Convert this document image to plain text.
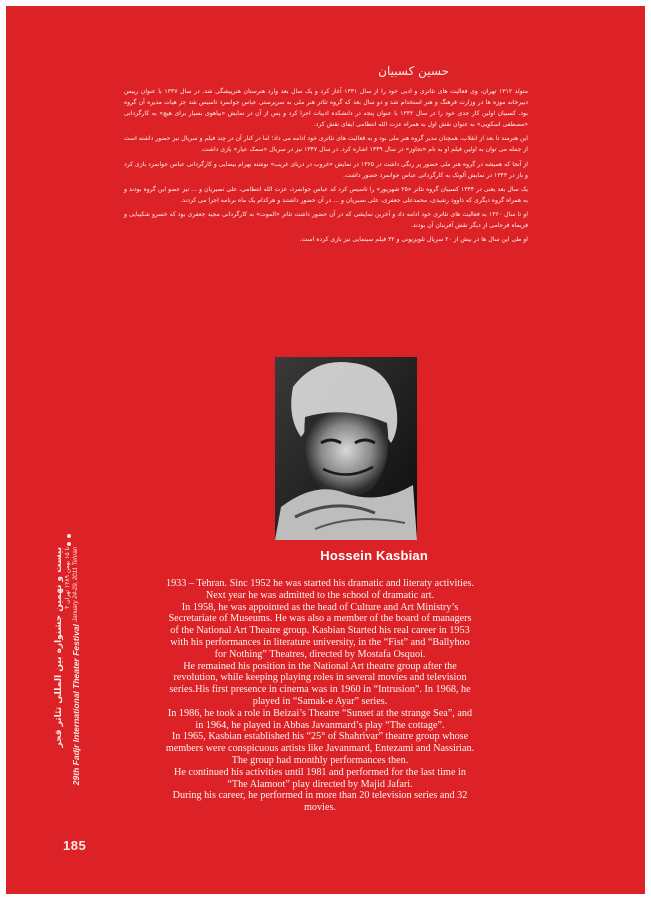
حسین کسبیان

متولد ۱۳۱۲ تهران، وی فعالیت های تئاتری و ادبی خود را از سال ۱۳۳۱ آغاز کرد و یک سال بعد وارد هنرستان هنرپیشگی شد. در سال ۱۳۳۷ با عنوان رییس دبیرخانه موزه ها در وزارت فرهنگ و هنر استخدام شد و دو سال بعد که گروه تئاتر هنر ملی به سرپرستی عباس جوانمرد تاسیس شد جز هیات مدیره آن گروه بود. کسبیان اولین کار جدی خود را در سال ۱۳۳۲ با عنوان پنجه در دانشکده ادبیات اجرا کرد و پس از آن در نمایش «بیاهوی بسیار برای هیچ» به کارگردانی «مصطفی اسکویی» به عنوان نقش اول به همراه عزت الله انتظامی ایفای نقش کرد.

این هنرمند تا بعد از انقلاب، همچنان مدیر گروه هنر ملی بود و به فعالیت های تئاتری خود ادامه می داد؛ اما در کنار آن در چند فیلم و سریال نیز حضور داشته است از جمله می توان به اولین فیلم او به نام «تجاوز» در سال ۱۳۳۹ اشاره کرد. در سال ۱۳۴۷ نیز در سریال «سمک عیار» بازی داشت.

از آنجا که همیشه در گروه هنر ملی حضور پر رنگی داشت در ۱۳۶۵ در نمایش «غروب در دریای غریب» نوشته بهرام بیضایی و کارگردانی عباس جوانمرد بازی کرد و باز در ۱۳۴۳ در نمایش آلونک به کارگردانی عباس جوانمرد حضور داشت.

یک سال بعد یعنی در ۱۳۴۴ کسبیان گروه تئاتر «۲۵ شهریور» را تاسیس کرد که عباس جوانمرد، عزت الله انتظامی، علی نصیریان و ... نیز عضو این گروه بودند و به همراه گروه دیگری که داوود رشیدی، محمدعلی جعفری، علی نصیریان و ... در آن حضور داشتند و هرکدام یک ماه برنامه اجرا می کردند.

او تا سال ۱۳۶۰ به فعالیت های تئاتری خود ادامه داد و آخرین نمایشی که در آن حضور داشت تئاتر «الموت» به کارگردانی مجید جعفری بود که خسرو شکیبایی و فریماه فرجامی از دیگر نقش آفرینان آن بودند.

او طی این سال ها در بیش از ۲۰ سریال تلویزیونی و ۳۲ فیلم سینمایی نیز بازی کرده است.

Hossein Kasbian

1933 – Tehran. Sinc 1952 he was started his dramatic and literaty activities.

Next year he was admitted to the school of dramatic art.

In 1958, he was appointed as the head of Culture and Art Ministry’s

Secretariate of Museums. He was also a member of the board of managers

of the National Art Theatre group. Kasbian Started his real career in 1953

with his performances in literature university, in the “Fist” and “Ballyhoo

for Nothing” Theatres, directed by Mostafa Osquoi.

He remained his position in the National Art theatre group after the

revolution, while keeping playing roles in several movies and television

series.His first presence in cinema was in 1960 in “Intrusion”. In 1968, he

played in “Samak-e Ayar” series.

In 1986, he took a role in Beizai’s Theatre “Sunset at the strange Sea”, and

in 1964, he played in Abbas Javanmard’s play “The cottage”.

In 1965, Kasbian established his “25° of Shahrivar” theatre group whose

members were conspicuous artists like Javanmard, Entezami and Nassirian.

The group had monthly performances then.

He continued his activities until 1981 and performed for the last time in

“The Alamoot” play directed by Majid Jafari.

During his career, he performed in more than 20 television series and 32

movies.

بیست و نهمین جشنواره بین المللی تئاتر فجر ۴ تا ۱۵ بهمن ۱۳۸۹ تهران
29th Fadjr International Theater Festival January 24-29, 2011 Tehran
185
